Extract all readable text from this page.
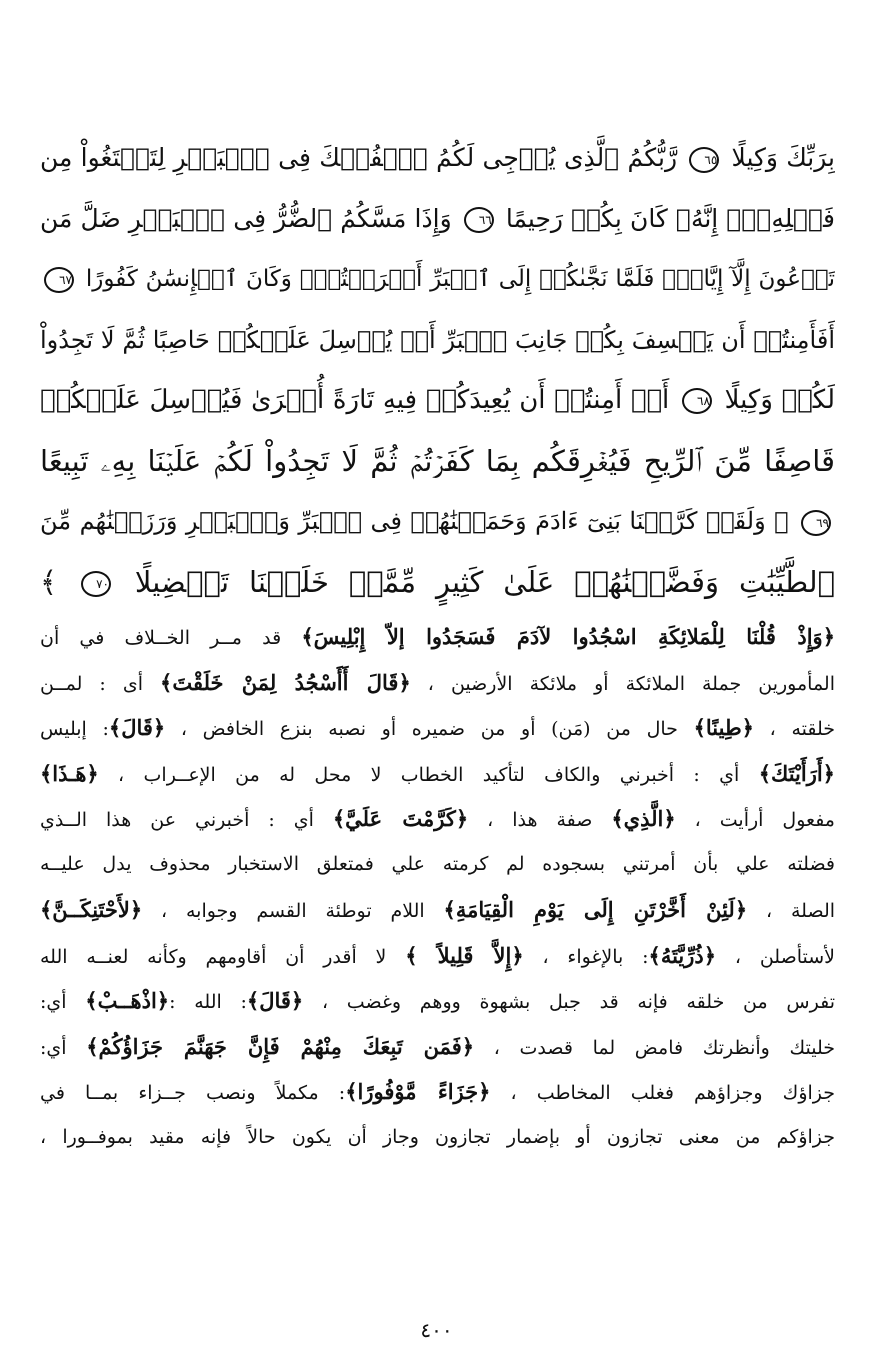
بِرَبِّكَ وَكِيلًا ٦٥ رَّبُّكُمُ ٱلَّذِى يُزۡجِى لَكُمُ ٱلۡفُلۡكَ فِى ٱلۡبَحۡرِ لِتَبۡتَغُواْ مِن
فَضۡلِهِۦٓۚ إِنَّهُۥ كَانَ بِكُمۡ رَحِيمًا ٦٦ وَإِذَا مَسَّكُمُ ٱلضُّرُّ فِى ٱلۡبَحۡرِ ضَلَّ مَن
تَدۡعُونَ إِلَّآ إِيَّاهُۖ فَلَمَّا نَجَّىٰكُمۡ إِلَى ٱلۡبَرِّ أَعۡرَضۡتُمۡۚ وَكَانَ ٱلۡإِنسَٰنُ كَفُورًا ٦٧
أَفَأَمِنتُمۡ أَن يَخۡسِفَ بِكُمۡ جَانِبَ ٱلۡبَرِّ أَوۡ يُرۡسِلَ عَلَيۡكُمۡ حَاصِبًا ثُمَّ لَا تَجِدُواْ
لَكُمۡ وَكِيلًا ٦٨ أَمۡ أَمِنتُمۡ أَن يُعِيدَكُمۡ فِيهِ تَارَةً أُخۡرَىٰ فَيُرۡسِلَ عَلَيۡكُمۡ
قَاصِفًا مِّنَ ٱلرِّيحِ فَيُغۡرِقَكُم بِمَا كَفَرۡتُمۡ ثُمَّ لَا تَجِدُواْ لَكُمۡ عَلَيۡنَا بِهِۦ تَبِيعًا
٦٩ ۞ وَلَقَدۡ كَرَّمۡنَا بَنِىٓ ءَادَمَ وَحَمَلۡنَٰهُمۡ فِى ٱلۡبَرِّ وَٱلۡبَحۡرِ وَرَزَقۡنَٰهُم مِّنَ
ٱلطَّيِّبَٰتِ وَفَضَّلۡنَٰهُمۡ عَلَىٰ كَثِيرٍ مِّمَّنۡ خَلَقۡنَا تَفۡضِيلًا ٧٠ ﴾
﴿وَإِذْ قُلْنَا لِلْمَلائِكَةِ اسْجُدُوا لآدَمَ فَسَجَدُوا إلاّ إِبْلِيسَ﴾ قد مــر الخــلاف في أن
المأمورين جملة الملائكة أو ملائكة الأرضين ، ﴿قَالَ أَأَسْجُدُ لِمَنْ خَلَقْتَ﴾ أى : لمــن
خلقته ، ﴿طِينًا﴾ حال من (مَن) أو من ضميره أو نصبه بنزع الخافض ، ﴿قَالَ﴾: إبليس
﴿أَرَأَيْتَكَ﴾ أي : أخبرني والكاف لتأكيد الخطاب لا محل له من الإعــراب ، ﴿هَـذَا﴾
مفعول أرأيت ، ﴿الَّذِي﴾ صفة هذا ، ﴿كَرَّمْتَ عَلَيَّ﴾ أي : أخبرني عن هذا الــذي
فضلته علي بأن أمرتني بسجوده لم كرمته علي فمتعلق الاستخبار محذوف يدل عليــه
الصلة ، ﴿لَئِنْ أَخَّرْتَنِ إِلَى يَوْمِ الْقِيَامَةِ﴾ اللام توطئة القسم وجوابه ، ﴿لأَحْتَنِكَــنَّ﴾
لأستأصلن ، ﴿ذُرِّيَّتَهُ﴾: بالإغواء ، ﴿إِلاَّ قَلِيلاً ﴾ لا أقدر أن أقاومهم وكأنه لعنــه الله
تفرس من خلقه فإنه قد جبل بشهوة ووهم وغضب ، ﴿قَالَ﴾: الله :﴿اذْهَــبْ﴾ أي:
خليتك وأنظرتك فامض لما قصدت ، ﴿فَمَن تَبِعَكَ مِنْهُمْ فَإِنَّ جَهَنَّمَ جَزَاؤُكُمْ﴾ أي:
جزاؤك وجزاؤهم فغلب المخاطب ، ﴿جَزَاءً مَّوْفُورًا﴾: مكملاً ونصب جــزاء بمــا في
جزاؤكم من معنى تجازون أو بإضمار تجازون وجاز أن يكون حالاً فإنه مقيد بموفــورا ،
٤٠٠
